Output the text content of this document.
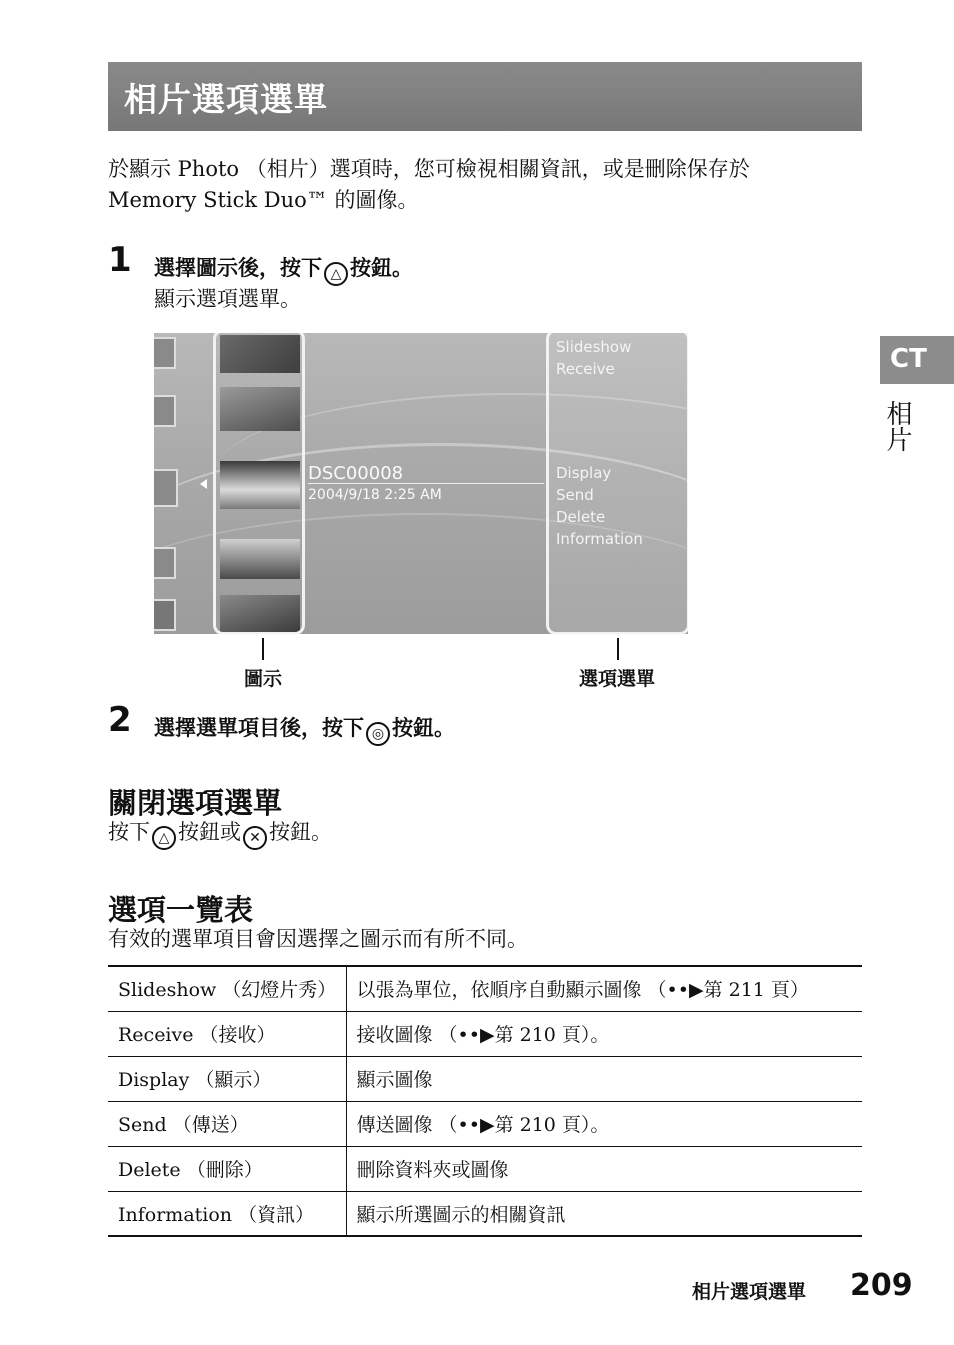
相片選項選單
於顯示 Photo （相片）選項時，您可檢視相關資訊，或是刪除保存於
Memory Stick Duo™ 的圖像。
1 選擇圖示後，按下 △ 按鈕。
顯示選項選單。
DSC00008
2004/9/18 2:25 AM
Slideshow
Receive
Display
Send
Delete
Information
圖示	選項選單
2 選擇選單項目後，按下 ◎ 按鈕。
關閉選項選單
按下 △ 按鈕或 ✕ 按鈕。
選項一覽表
有效的選單項目會因選擇之圖示而有所不同。
Slideshow （幻燈片秀）	以張為單位，依順序自動顯示圖像 （••▶第 211 頁）
Receive （接收）	接收圖像 （••▶第 210 頁）。
Display （顯示）	顯示圖像
Send （傳送）	傳送圖像 （••▶第 210 頁）。
Delete （刪除）	刪除資料夾或圖像
Information （資訊）	顯示所選圖示的相關資訊
CT
相片
相片選項選單 209
